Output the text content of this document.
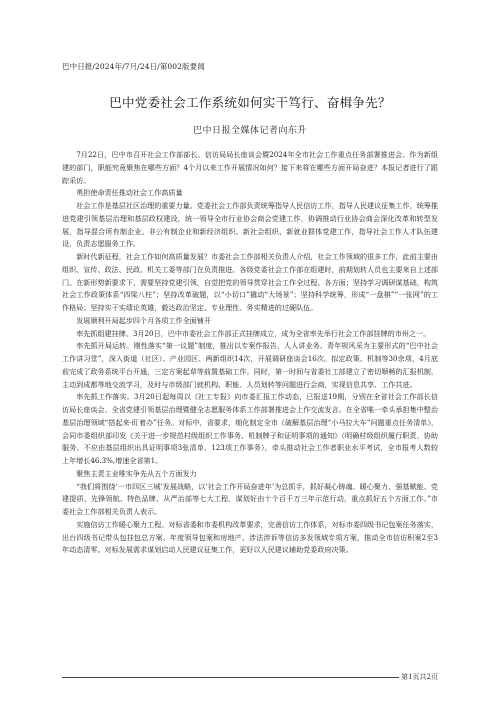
巴中日报/2024年/7月/24日/第002版要闻
巴中党委社会工作系统如何实干笃行、奋楫争先？
巴中日报全媒体记者向东升

7月22日，巴中市召开社会工作部部长、信访局局长座谈会暨2024年全市社会工作重点任务部署推进会。作为新组建的部门，职能究竟聚焦在哪些方面？4个月以来工作开展情况如何？接下来将在哪些方面开局奋进？本报记者进行了跟踪采访。

勇担使命责任推动社会工作高质量

社会工作是基层社区治理的重要力量。党委社会工作部负责统筹指导人民信访工作，指导人民建议征集工作，统筹推进党建引领基层治理和基层政权建设，统一领导全市行业协会商会党建工作，协调推动行业协会商会深化改革和转型发展，指导混合所有制企业、非公有制企业和新经济组织、新社会组织、新就业群体党建工作，指导社会工作人才队伍建设，负责志愿服务工作。

新时代新征程，社会工作如何高质量发展？市委社会工作部相关负责人介绍，社会工作领域的很多工作，此前主要由组织、宣传、政法、民政、机关工委等部门在负责推进。各级党委社会工作部在组建时，前期划转人员也主要来自上述部门。在新形势新要求下，需要坚持党建引领，自觉把党的领导贯穿社会工作全过程、各方面；坚持学习调研谋基础，构筑社会工作政策体系“四梁八柱”；坚持改革破题，以“小切口”撬动“大场景”；坚持科学统筹，形成“一盘棋”“一张网”的工作格局；坚持实干实绩论英雄，毅达政治坚定、专业理性、务实精进的过硬队伍。

发展顺利开局起步四个月各项工作全面铺开

率先抓组建挂牌。3月20日，巴中市委社会工作部正式挂牌成立，成为全省率先举行社会工作部挂牌的市州之一。

率先抓开局运转。刚性落实“第一议题”制度，推出以专案作报告、人人讲业务、青年规风采为主要形式的“巴中社会工作讲习堂”，深入街道（社区）、产业园区、两新组织14次，开展调研座谈会16次。拟定政策、机制等30余项，4月底前完成了政务系统平台开通，三定方案起草等前置基础工作。同时，第一时间与省委社工部建立了密切顺畅的汇报机制，主动到成都等地交流学习，及时与市级部门就机构、职能、人员划转等问题进行会商，实现信息共享、工作共进。

率先抓工作落实。3月20日起每周以《社工专报》向市委汇报工作动态，已报送19期，分别在全省社会工作部长信访局长座谈会、全省党建引领基层治理暨健全志愿服务体系工作部署推进会上作交流发言。在全省唯一牵头承担集中整治基层治理领域“搭起来·盯着办”任务。对标中，省要求，细化制定全市《破解基层治理“小马拉大车”问题重点任务清单》，会同市委组织部印发《关于进一步规范村级组织工作事务、机制牌子和证明事项的通知》（明确村级组织履行职责、协助服务、不应由基层组织出具证明事项3张清单、123项工作事务），牵头推动社会工作者职业水平考试，全市报考人数较上年增长46.3%,增速全省第1。

聚焦主责主业唯实争先从五个方面发力

“我们将围绕‘一市四区三城’发展战略，以‘社会工作开局奋进年’为总抓手，抓好凝心铸魂、暖心聚力、强基赋能、党建提质、先锋领航、特色品牌、从严治部等七大工程，谋划好由十个百千万三年示范行动，重点抓好五个方面工作。”市委社会工作部相关负责人表示。

实施信访工作暖心聚力工程。对标省委和市委机构改革要求，完善信访工作体系，对标市委四级书记包案任务落实，出台四级书记带头包挂包总方案、年度领导包案和房地产、涉法涉诉等信访多发领域专项方案，推动全市信访积案2至3年动态清零。对标发展需求谋划启动人民建议征集工作，更好以人民建议辅助党委政府决策。

第1页共2页
